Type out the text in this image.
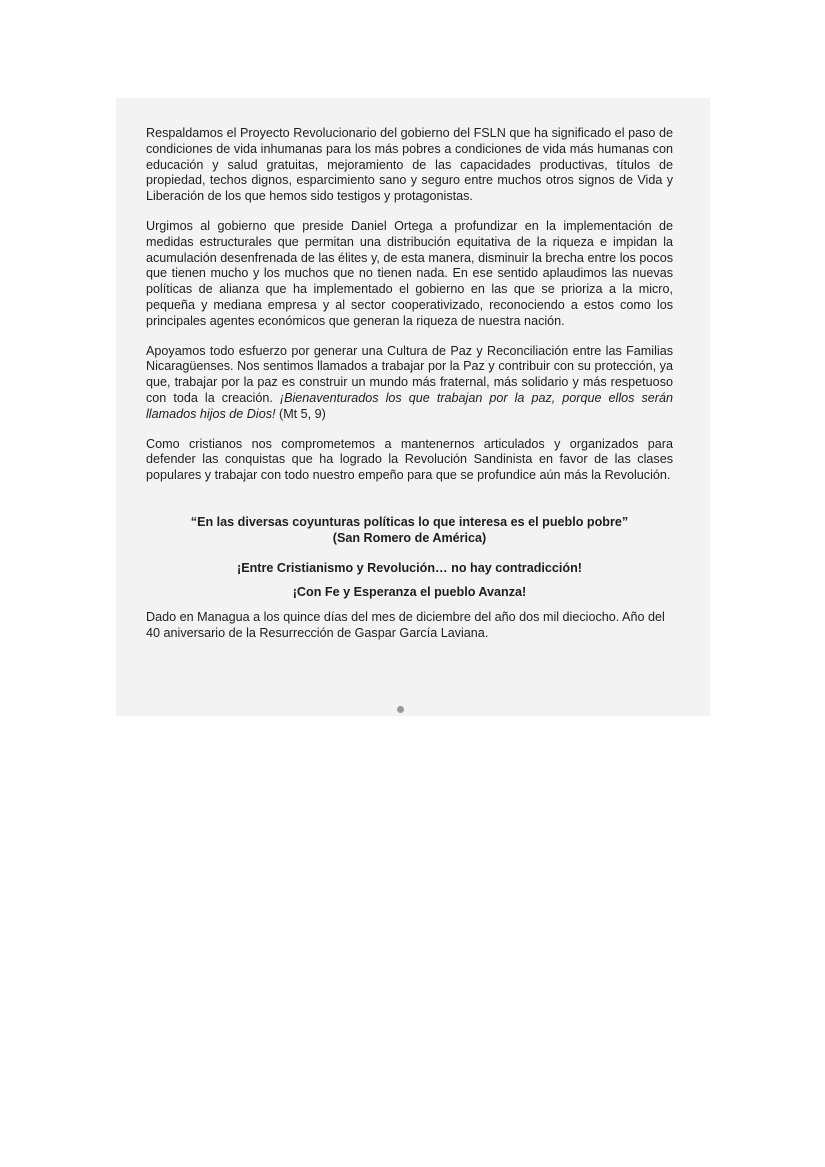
Respaldamos el Proyecto Revolucionario del gobierno del FSLN que ha significado el paso de condiciones de vida inhumanas para los más pobres a condiciones de vida más humanas con educación y salud gratuitas, mejoramiento de las capacidades productivas, títulos de propiedad, techos dignos, esparcimiento sano y seguro entre muchos otros signos de Vida y Liberación de los que hemos sido testigos y protagonistas.

Urgimos al gobierno que preside Daniel Ortega a profundizar en la implementación de medidas estructurales que permitan una distribución equitativa de la riqueza e impidan la acumulación desenfrenada de las élites y, de esta manera, disminuir la brecha entre los pocos que tienen mucho y los muchos que no tienen nada. En ese sentido aplaudimos las nuevas políticas de alianza que ha implementado el gobierno en las que se prioriza a la micro, pequeña y mediana empresa y al sector cooperativizado, reconociendo a estos como los principales agentes económicos que generan la riqueza de nuestra nación.

Apoyamos todo esfuerzo por generar una Cultura de Paz y Reconciliación entre las Familias Nicaragüenses. Nos sentimos llamados a trabajar por la Paz y contribuir con su protección, ya que, trabajar por la paz es construir un mundo más fraternal, más solidario y más respetuoso con toda la creación. ¡Bienaventurados los que trabajan por la paz, porque ellos serán llamados hijos de Dios! (Mt 5, 9)

Como cristianos nos comprometemos a mantenernos articulados y organizados para defender las conquistas que ha logrado la Revolución Sandinista en favor de las clases populares y trabajar con todo nuestro empeño para que se profundice aún más la Revolución.

“En las diversas coyunturas políticas lo que interesa es el pueblo pobre”
(San Romero de América)
¡Entre Cristianismo y Revolución… no hay contradicción!
¡Con Fe y Esperanza el pueblo Avanza!

Dado en Managua a los quince días del mes de diciembre del año dos mil dieciocho. Año del 40 aniversario de la Resurrección de Gaspar García Laviana.
